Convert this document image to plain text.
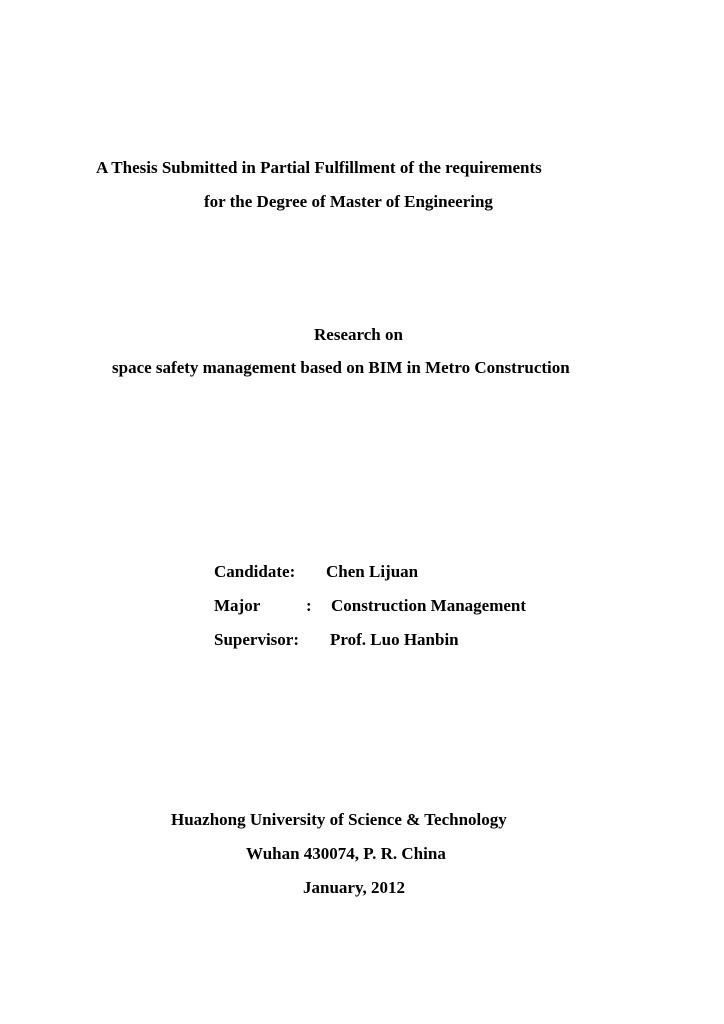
A Thesis Submitted in Partial Fulfillment of the requirements
for the Degree of Master of Engineering
Research on
space safety management based on BIM in Metro Construction
Candidate: Chen Lijuan
Major	: Construction Management
Supervisor: Prof. Luo Hanbin
Huazhong University of Science & Technology
Wuhan 430074, P. R. China
January, 2012
